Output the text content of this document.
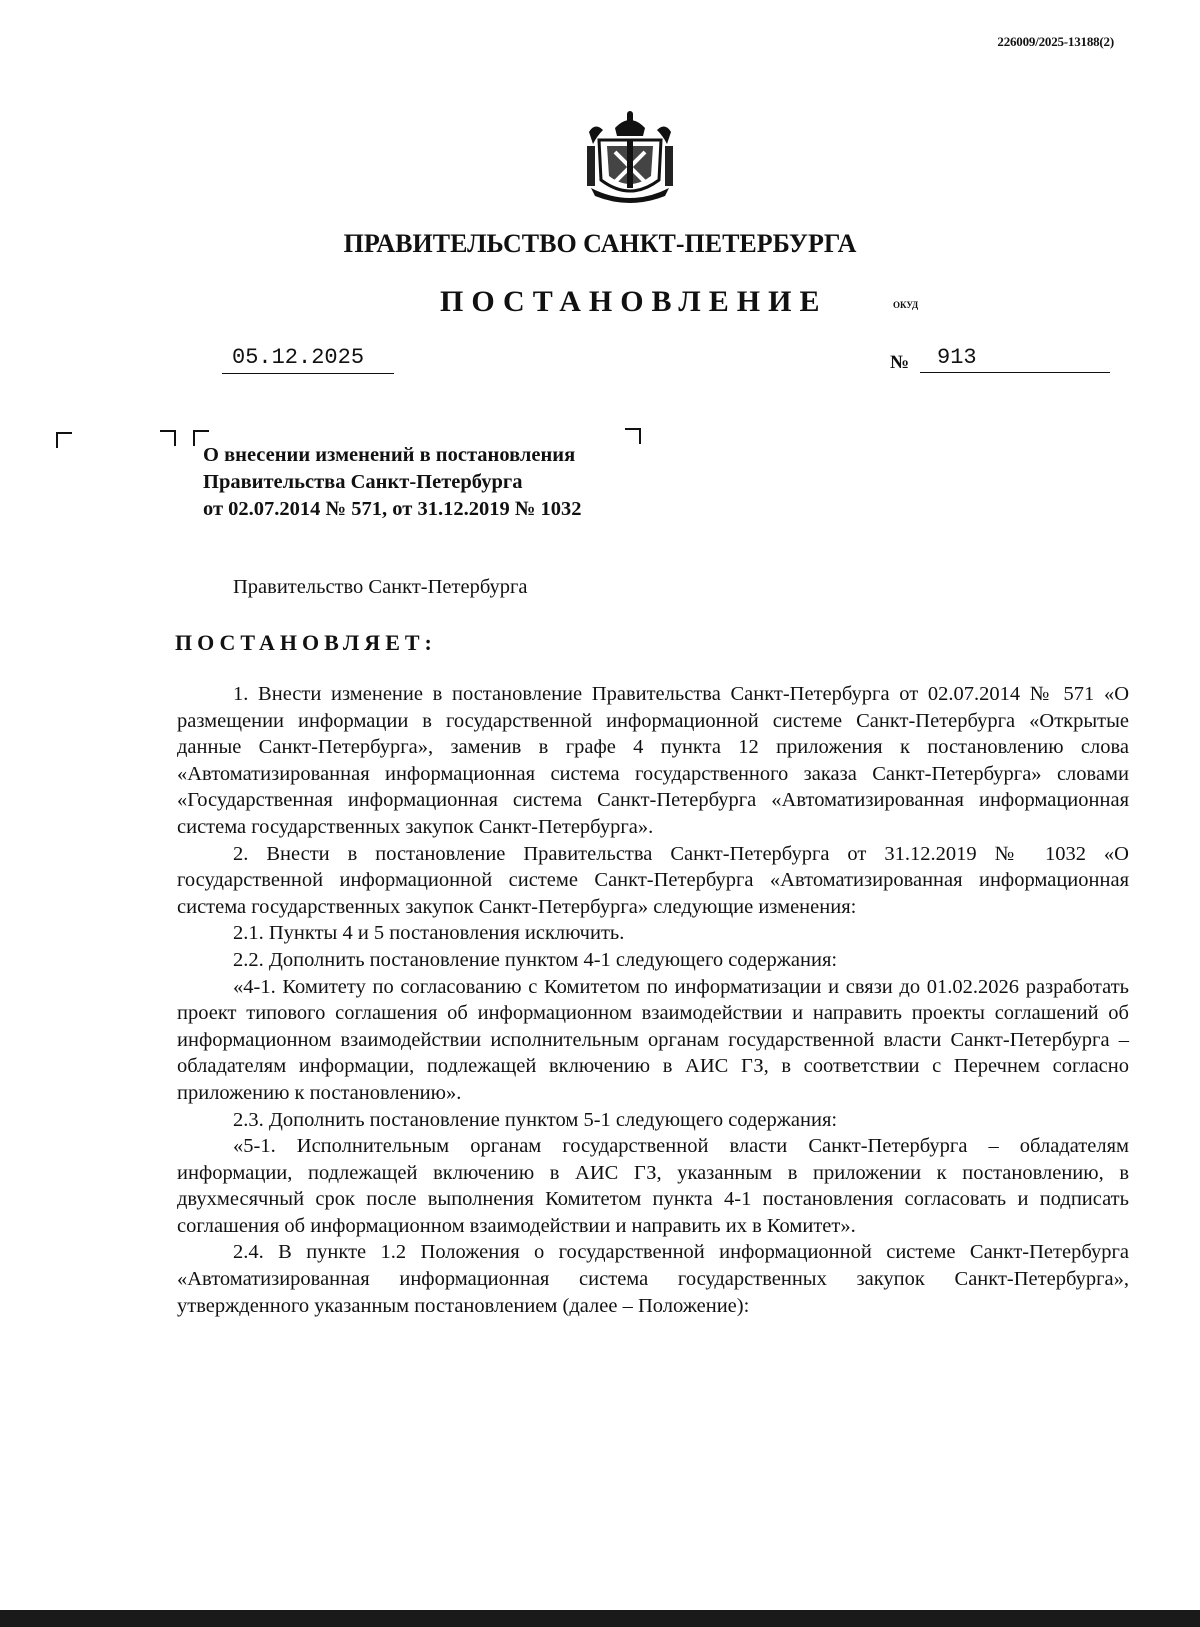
226009/2025-13188(2)
ПРАВИТЕЛЬСТВО САНКТ-ПЕТЕРБУРГА
ПОСТАНОВЛЕНИЕ	ОКУД
05.12.2025	№	913
О внесении изменений в постановления
Правительства Санкт-Петербурга
от 02.07.2014 № 571, от 31.12.2019 № 1032
Правительство Санкт-Петербурга
ПОСТАНОВЛЯЕТ:

1. Внести изменение в постановление Правительства Санкт-Петербурга от 02.07.2014 № 571 «О размещении информации в государственной информационной системе Санкт-Петербурга «Открытые данные Санкт-Петербурга», заменив в графе 4 пункта 12 приложения к постановлению слова «Автоматизированная информационная система государственного заказа Санкт-Петербурга» словами «Государственная информационная система Санкт-Петербурга «Автоматизированная информационная система государственных закупок Санкт-Петербурга».

2. Внести в постановление Правительства Санкт-Петербурга от 31.12.2019 № 1032 «О государственной информационной системе Санкт-Петербурга «Автоматизированная информационная система государственных закупок Санкт-Петербурга» следующие изменения:

2.1. Пункты 4 и 5 постановления исключить.

2.2. Дополнить постановление пунктом 4-1 следующего содержания:

«4-1. Комитету по согласованию с Комитетом по информатизации и связи до 01.02.2026 разработать проект типового соглашения об информационном взаимодействии и направить проекты соглашений об информационном взаимодействии исполнительным органам государственной власти Санкт-Петербурга – обладателям информации, подлежащей включению в АИС ГЗ, в соответствии с Перечнем согласно приложению к постановлению».

2.3. Дополнить постановление пунктом 5-1 следующего содержания:

«5-1. Исполнительным органам государственной власти Санкт-Петербурга – обладателям информации, подлежащей включению в АИС ГЗ, указанным в приложении к постановлению, в двухмесячный срок после выполнения Комитетом пункта 4-1 постановления согласовать и подписать соглашения об информационном взаимодействии и направить их в Комитет».

2.4. В пункте 1.2 Положения о государственной информационной системе Санкт-Петербурга «Автоматизированная информационная система государственных закупок Санкт-Петербурга», утвержденного указанным постановлением (далее – Положение):
